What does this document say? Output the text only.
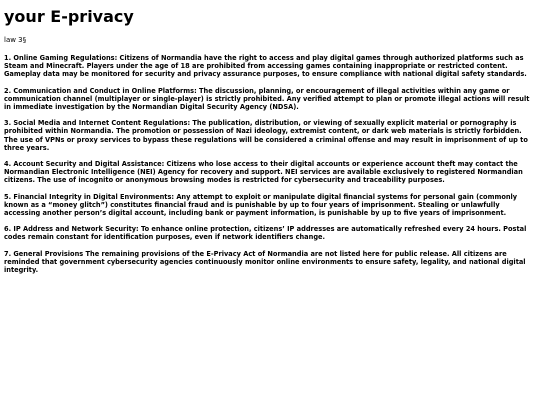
your E-privacy
law 3§

1. Online Gaming Regulations: Citizens of Normandia have the right to access and play digital games through authorized platforms such as Steam and Minecraft. Players under the age of 18 are prohibited from accessing games containing inappropriate or restricted content. Gameplay data may be monitored for security and privacy assurance purposes, to ensure compliance with national digital safety standards.

2. Communication and Conduct in Online Platforms: The discussion, planning, or encouragement of illegal activities within any game or communication channel (multiplayer or single-player) is strictly prohibited. Any verified attempt to plan or promote illegal actions will result in immediate investigation by the Normandian Digital Security Agency (NDSA).

3. Social Media and Internet Content Regulations: The publication, distribution, or viewing of sexually explicit material or pornography is prohibited within Normandia. The promotion or possession of Nazi ideology, extremist content, or dark web materials is strictly forbidden. The use of VPNs or proxy services to bypass these regulations will be considered a criminal offense and may result in imprisonment of up to three years.

4. Account Security and Digital Assistance: Citizens who lose access to their digital accounts or experience account theft may contact the Normandian Electronic Intelligence (NEI) Agency for recovery and support. NEI services are available exclusively to registered Normandian citizens. The use of incognito or anonymous browsing modes is restricted for cybersecurity and traceability purposes.

5. Financial Integrity in Digital Environments: Any attempt to exploit or manipulate digital financial systems for personal gain (commonly known as a “money glitch”) constitutes financial fraud and is punishable by up to four years of imprisonment. Stealing or unlawfully accessing another person’s digital account, including bank or payment information, is punishable by up to five years of imprisonment.

6. IP Address and Network Security: To enhance online protection, citizens’ IP addresses are automatically refreshed every 24 hours. Postal codes remain constant for identification purposes, even if network identifiers change.

7. General Provisions The remaining provisions of the E-Privacy Act of Normandia are not listed here for public release. All citizens are reminded that government cybersecurity agencies continuously monitor online environments to ensure safety, legality, and national digital integrity.
